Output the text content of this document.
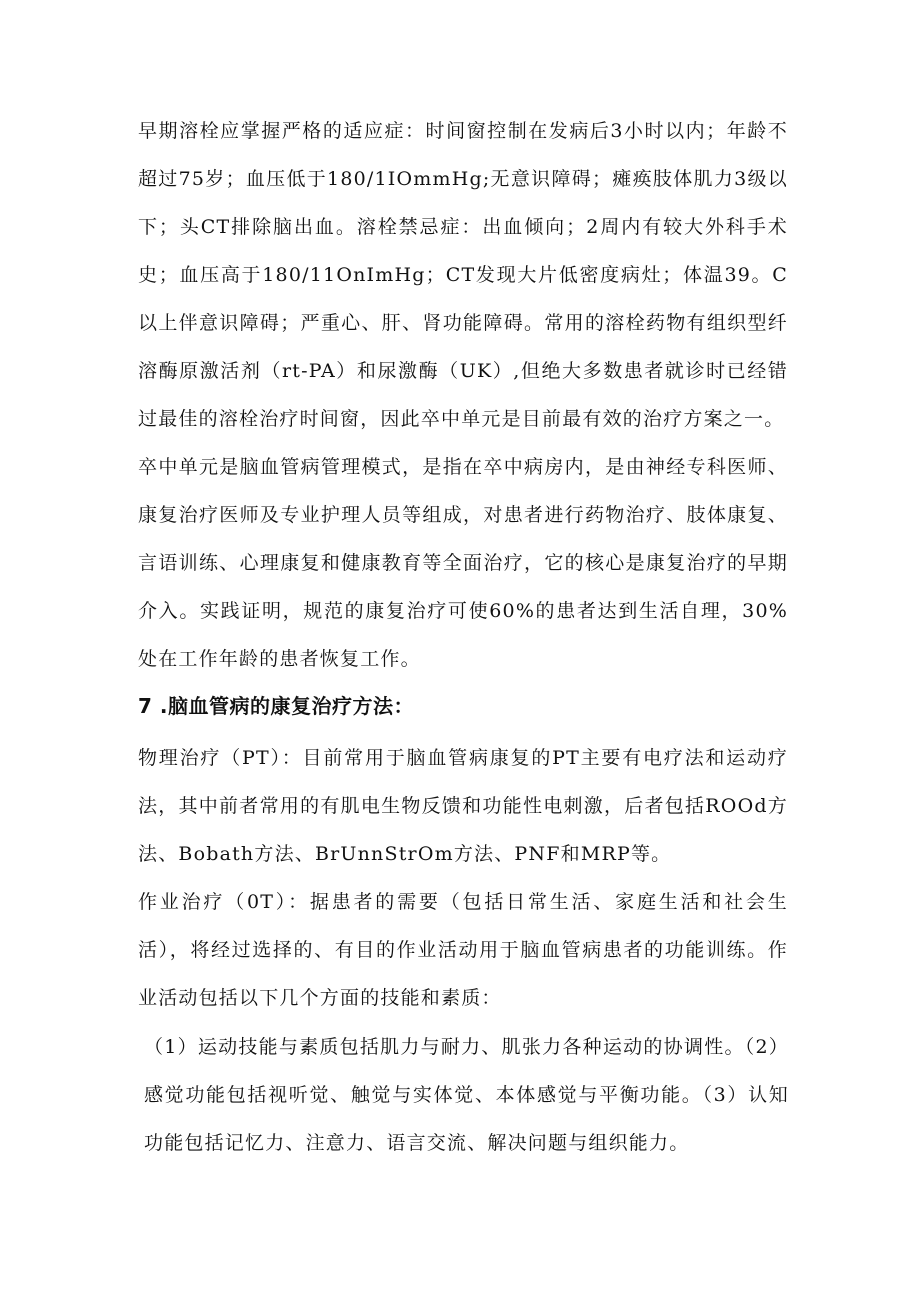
早期溶栓应掌握严格的适应症：时间窗控制在发病后3小时以内；年龄不超过75岁；血压低于180/1IOmmHg;无意识障碍；瘫痪肢体肌力3级以下；头CT排除脑出血。溶栓禁忌症：出血倾向；2周内有较大外科手术史；血压高于180/11OnImHg；CT发现大片低密度病灶；体温39。C以上伴意识障碍；严重心、肝、肾功能障碍。常用的溶栓药物有组织型纤溶酶原激活剂（rt-PA）和尿激酶（UK）,但绝大多数患者就诊时已经错过最佳的溶栓治疗时间窗，因此卒中单元是目前最有效的治疗方案之一。

卒中单元是脑血管病管理模式，是指在卒中病房内，是由神经专科医师、康复治疗医师及专业护理人员等组成，对患者进行药物治疗、肢体康复、言语训练、心理康复和健康教育等全面治疗，它的核心是康复治疗的早期介入。实践证明，规范的康复治疗可使60%的患者达到生活自理，30%处在工作年龄的患者恢复工作。

7 .脑血管病的康复治疗方法：

物理治疗（PT）：目前常用于脑血管病康复的PT主要有电疗法和运动疗法，其中前者常用的有肌电生物反馈和功能性电刺激，后者包括ROOd方法、Bobath方法、BrUnnStrOm方法、PNF和MRP等。

作业治疗（0T）：据患者的需要（包括日常生活、家庭生活和社会生活），将经过选择的、有目的作业活动用于脑血管病患者的功能训练。作业活动包括以下几个方面的技能和素质：

（1）运动技能与素质包括肌力与耐力、肌张力各种运动的协调性。（2）感觉功能包括视听觉、触觉与实体觉、本体感觉与平衡功能。（3）认知功能包括记忆力、注意力、语言交流、解决问题与组织能力。
